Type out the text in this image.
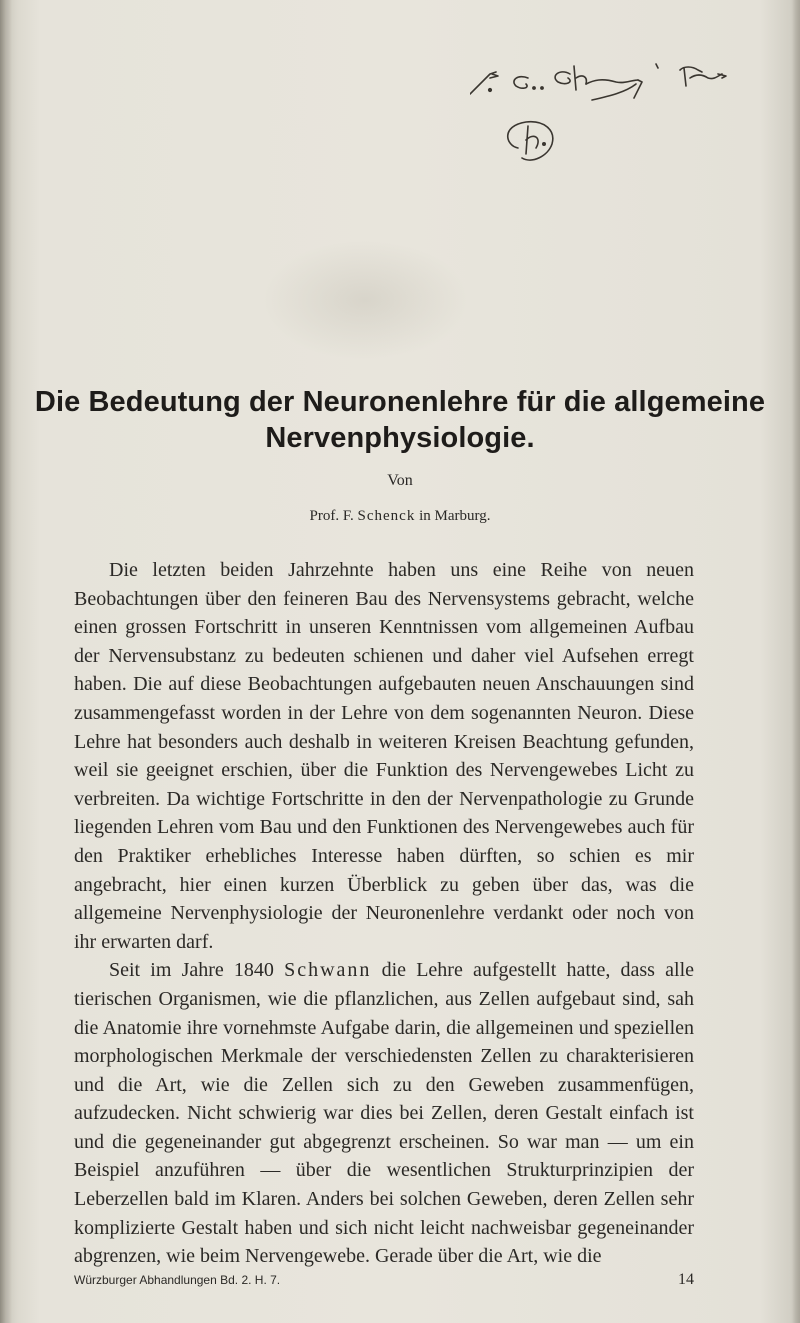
Die Bedeutung der Neuronenlehre für die allgemeine
Nervenphysiologie.
Von
Prof. F. Schenck in Marburg.

Die letzten beiden Jahrzehnte haben uns eine Reihe von neuen Beobachtungen über den feineren Bau des Nervensystems gebracht, welche einen grossen Fortschritt in unseren Kenntnissen vom allgemeinen Aufbau der Nervensubstanz zu bedeuten schienen und daher viel Aufsehen erregt haben. Die auf diese Beobachtungen aufgebauten neuen Anschauungen sind zusammengefasst worden in der Lehre von dem sogenannten Neuron. Diese Lehre hat besonders auch deshalb in weiteren Kreisen Beachtung gefunden, weil sie geeignet erschien, über die Funktion des Nervengewebes Licht zu verbreiten. Da wichtige Fortschritte in den der Nervenpathologie zu Grunde liegenden Lehren vom Bau und den Funktionen des Nervengewebes auch für den Praktiker erhebliches Interesse haben dürften, so schien es mir angebracht, hier einen kurzen Überblick zu geben über das, was die allgemeine Nervenphysiologie der Neuronenlehre verdankt oder noch von ihr erwarten darf.

Seit im Jahre 1840 Schwann die Lehre aufgestellt hatte, dass alle tierischen Organismen, wie die pflanzlichen, aus Zellen aufgebaut sind, sah die Anatomie ihre vornehmste Aufgabe darin, die allgemeinen und speziellen morphologischen Merkmale der verschiedensten Zellen zu charakterisieren und die Art, wie die Zellen sich zu den Geweben zusammenfügen, aufzudecken. Nicht schwierig war dies bei Zellen, deren Gestalt einfach ist und die gegeneinander gut abgegrenzt erscheinen. So war man — um ein Beispiel anzuführen — über die wesentlichen Strukturprinzipien der Leberzellen bald im Klaren. Anders bei solchen Geweben, deren Zellen sehr komplizierte Gestalt haben und sich nicht leicht nachweisbar gegeneinander abgrenzen, wie beim Nervengewebe. Gerade über die Art, wie die

Würzburger Abhandlungen Bd. 2. H. 7.	14
